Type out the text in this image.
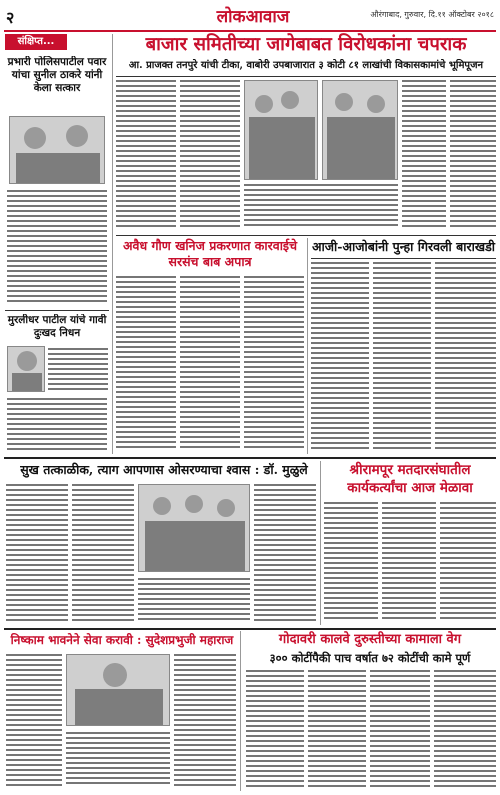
२	लोकआवाज	औरंगाबाद, गुरुवार, दि.११ ऑक्टोबर २०१८
संक्षिप्त...
प्रभारी पोलिसपाटील पवार यांचा सुनील ठाकरे यांनी केला सत्कार
मुरलीधर पाटील यांचे गावी दुःखद निधन
बाजार समितीच्या जागेबाबत विरोधकांना चपराक
आ. प्राजक्त तनपुरे यांची टीका, वाबोरी उपबाजारात ३ कोटी ८१ लाखांची विकासकामांचे भूमिपूजन
अवैध गौण खनिज प्रकरणात कारवाईचे सरसंच बाब अपात्र
आजी-आजोबांनी पुन्हा गिरवली बाराखडी
सुख तत्काळीक, त्याग आपणास ओसरण्याचा श्वास : डॉ. मुळुले	श्रीरामपूर मतदारसंघातील कार्यकर्त्यांचा आज मेळावा
निष्काम भावनेने सेवा करावी : सुदेशप्रभुजी महाराज	गोदावरी कालवे दुरुस्तीच्या कामाला वेग
३०० कोटींपैकी पाच वर्षात ७२ कोटींची कामे पूर्ण
